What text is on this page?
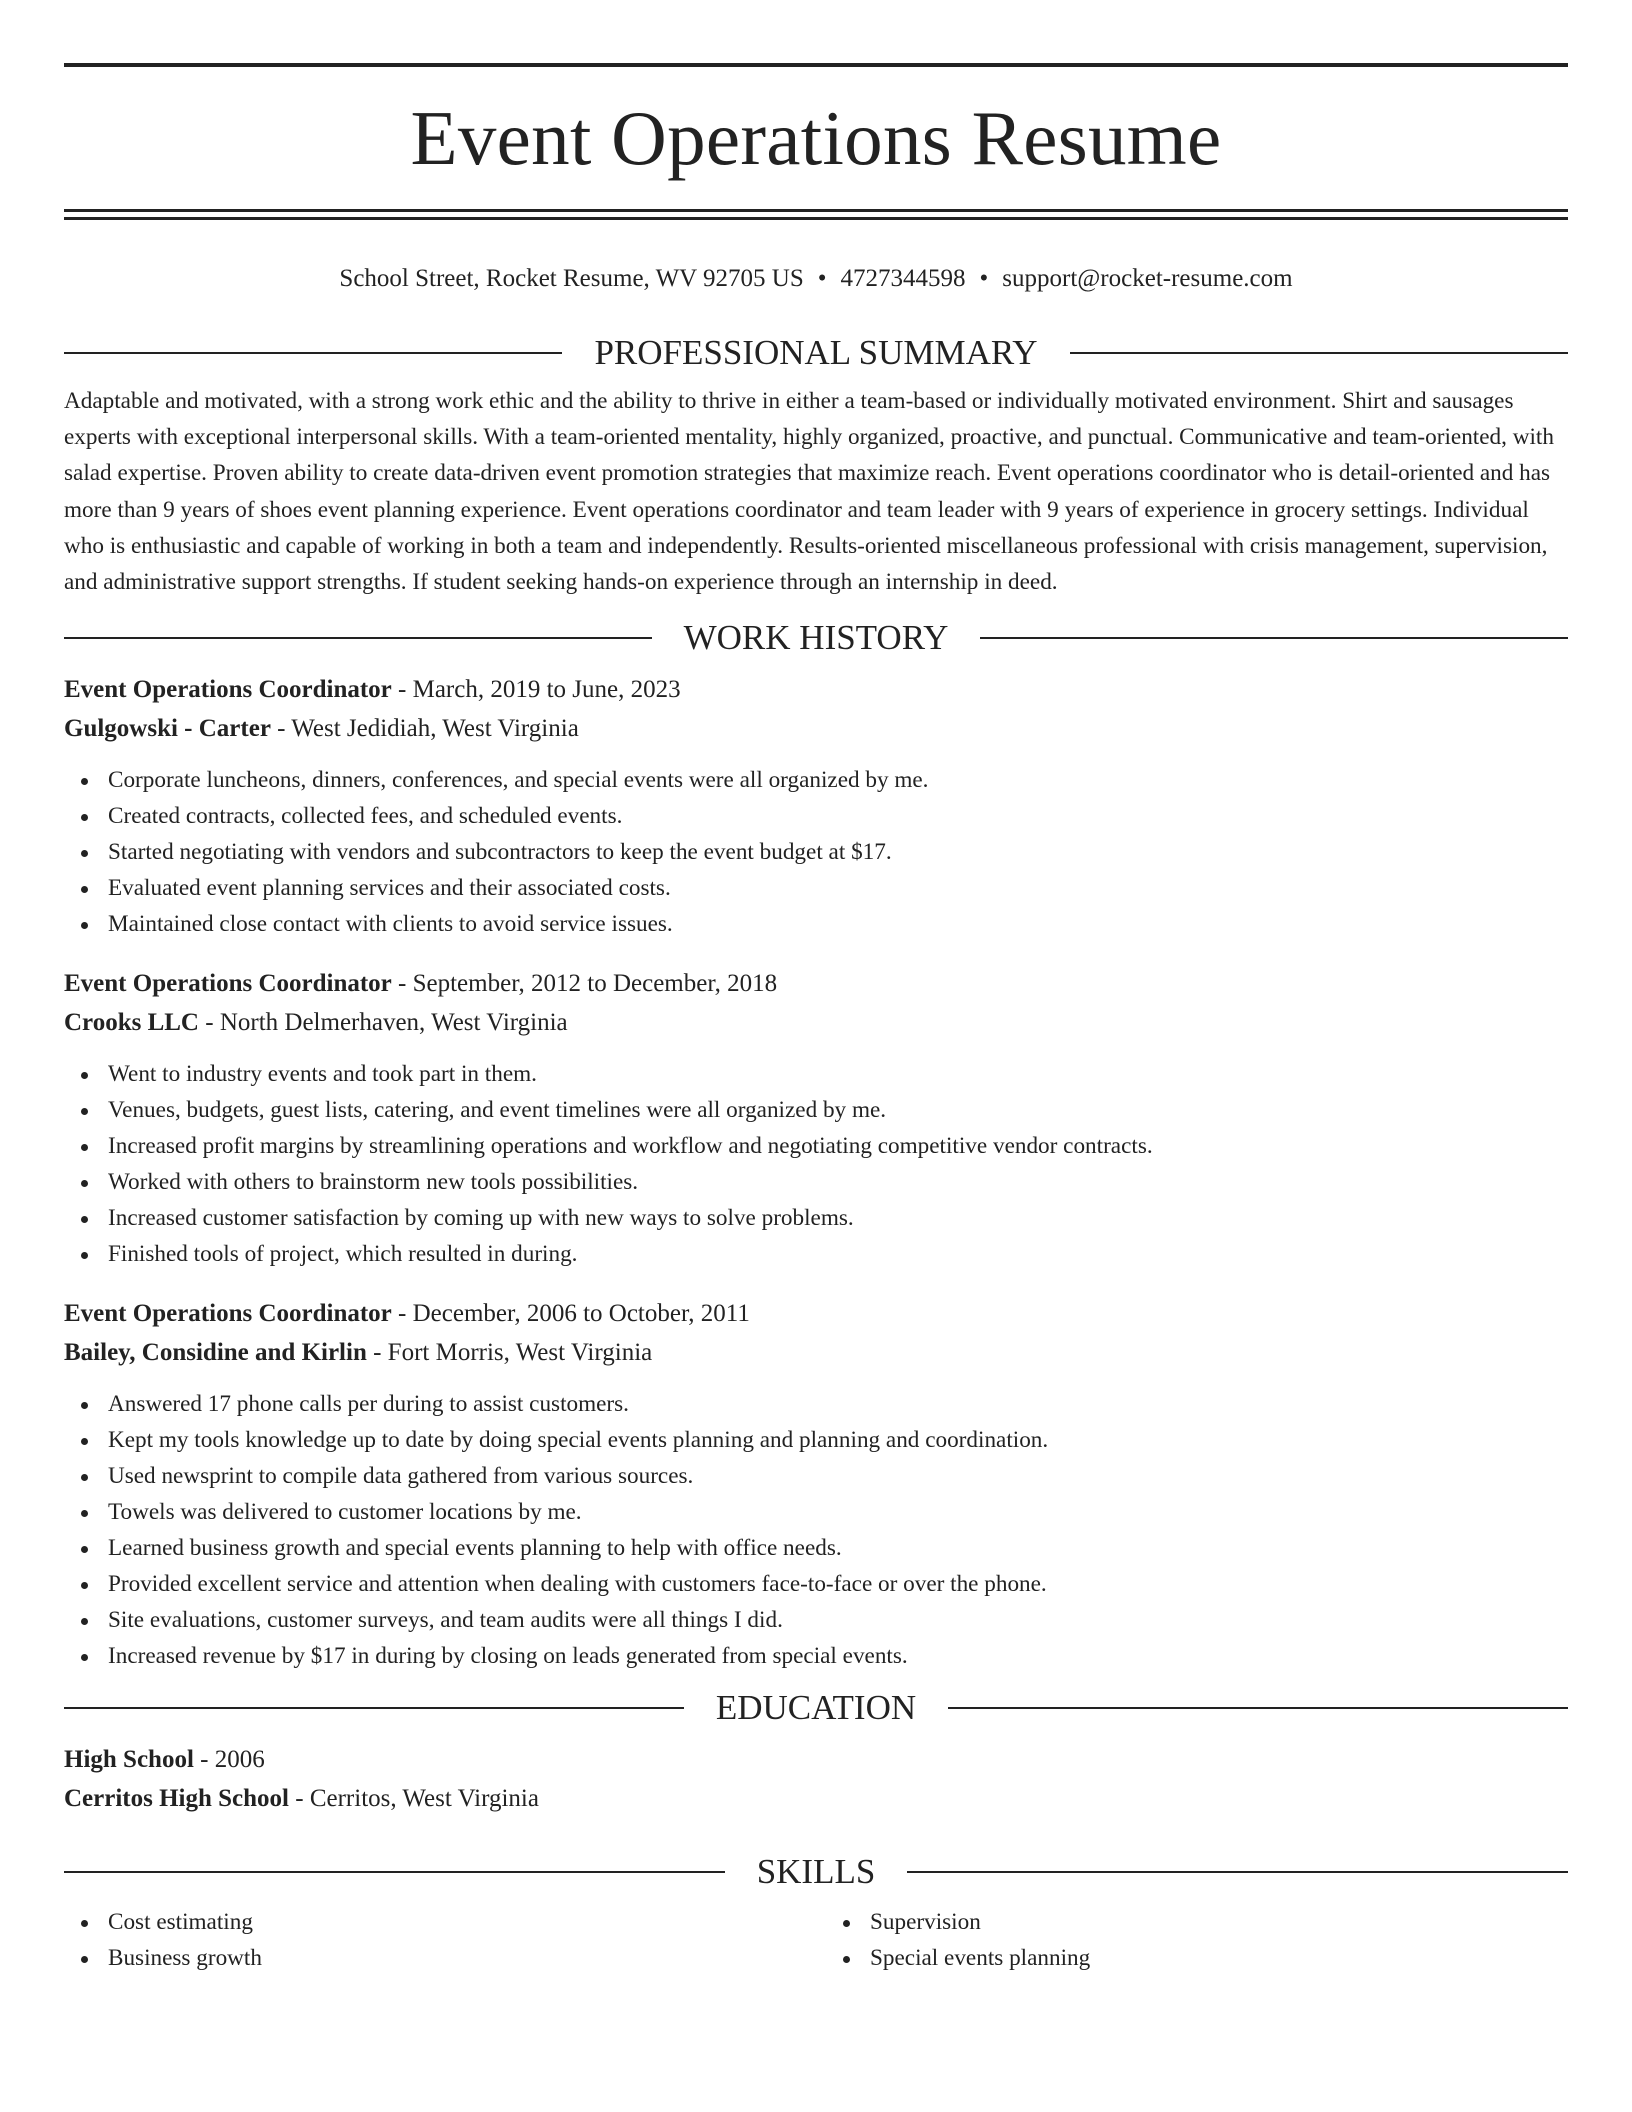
Event Operations Resume
School Street, Rocket Resume, WV 92705 US • 4727344598 • support@rocket-resume.com
PROFESSIONAL SUMMARY

Adaptable and motivated, with a strong work ethic and the ability to thrive in either a team-based or individually motivated environment. Shirt and sausages experts with exceptional interpersonal skills. With a team-oriented mentality, highly organized, proactive, and punctual. Communicative and team-oriented, with salad expertise. Proven ability to create data-driven event promotion strategies that maximize reach. Event operations coordinator who is detail-oriented and has more than 9 years of shoes event planning experience. Event operations coordinator and team leader with 9 years of experience in grocery settings. Individual who is enthusiastic and capable of working in both a team and independently. Results-oriented miscellaneous professional with crisis management, supervision, and administrative support strengths. If student seeking hands-on experience through an internship in deed.

WORK HISTORY
Event Operations Coordinator - March, 2019 to June, 2023
Gulgowski - Carter - West Jedidiah, West Virginia
Corporate luncheons, dinners, conferences, and special events were all organized by me.
Created contracts, collected fees, and scheduled events.
Started negotiating with vendors and subcontractors to keep the event budget at $17.
Evaluated event planning services and their associated costs.
Maintained close contact with clients to avoid service issues.
Event Operations Coordinator - September, 2012 to December, 2018
Crooks LLC - North Delmerhaven, West Virginia
Went to industry events and took part in them.
Venues, budgets, guest lists, catering, and event timelines were all organized by me.
Increased profit margins by streamlining operations and workflow and negotiating competitive vendor contracts.
Worked with others to brainstorm new tools possibilities.
Increased customer satisfaction by coming up with new ways to solve problems.
Finished tools of project, which resulted in during.
Event Operations Coordinator - December, 2006 to October, 2011
Bailey, Considine and Kirlin - Fort Morris, West Virginia
Answered 17 phone calls per during to assist customers.
Kept my tools knowledge up to date by doing special events planning and planning and coordination.
Used newsprint to compile data gathered from various sources.
Towels was delivered to customer locations by me.
Learned business growth and special events planning to help with office needs.
Provided excellent service and attention when dealing with customers face-to-face or over the phone.
Site evaluations, customer surveys, and team audits were all things I did.
Increased revenue by $17 in during by closing on leads generated from special events.
EDUCATION
High School - 2006
Cerritos High School - Cerritos, West Virginia
SKILLS
Cost estimating
Business growth
Supervision
Special events planning
